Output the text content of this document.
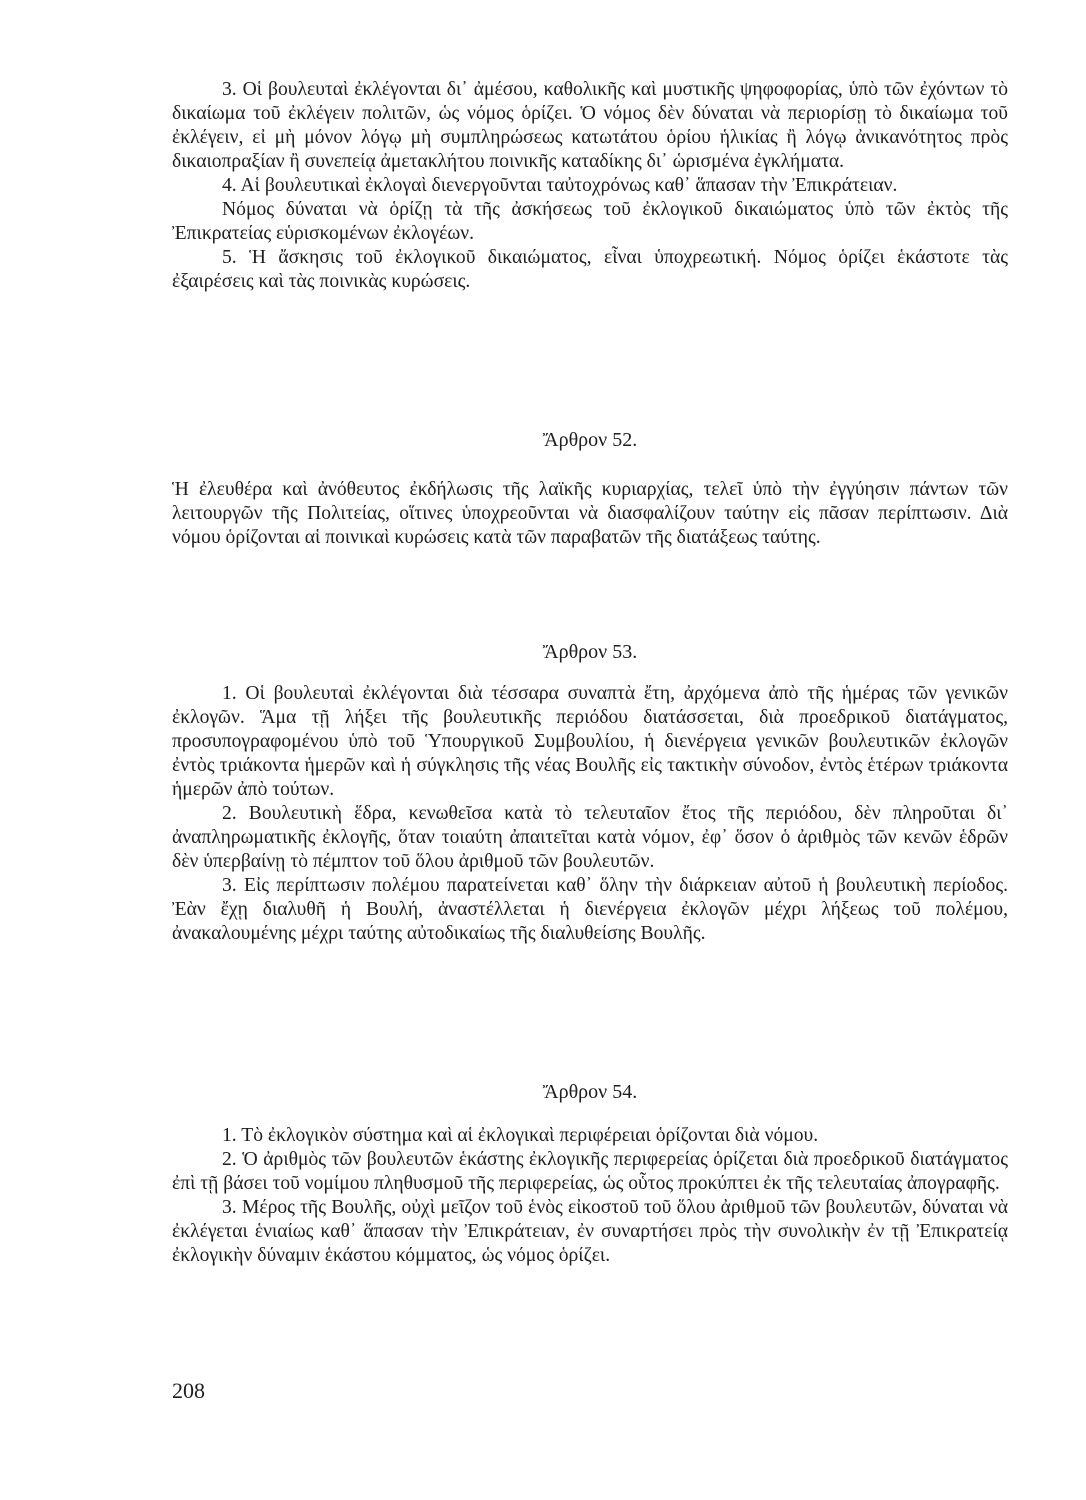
3. Οἱ βουλευταὶ ἐκλέγονται δι᾽ ἀμέσου, καθολικῆς καὶ μυστικῆς ψηφοφορίας, ὑπὸ τῶν ἐχόντων τὸ δικαίωμα τοῦ ἐκλέγειν πολιτῶν, ὡς νόμος ὁρίζει. Ὁ νόμος δὲν δύναται νὰ περιορίσῃ τὸ δικαίωμα τοῦ ἐκλέγειν, εἰ μὴ μόνον λόγῳ μὴ συμπληρώσεως κατωτάτου ὁρίου ἡλικίας ἢ λόγῳ ἀνικανότητος πρὸς δικαιοπραξίαν ἢ συνεπείᾳ ἀμετακλήτου ποινικῆς καταδίκης δι᾽ ὡρισμένα ἐγκλήματα.

4. Αἱ βουλευτικαὶ ἐκλογαὶ διενεργοῦνται ταὐτοχρόνως καθ᾽ ἅπασαν τὴν Ἐπικράτειαν.

Νόμος δύναται νὰ ὁρίζῃ τὰ τῆς ἀσκήσεως τοῦ ἐκλογικοῦ δικαιώματος ὑπὸ τῶν ἐκτὸς τῆς Ἐπικρατείας εὑρισκομένων ἐκλογέων.

5. Ἡ ἄσκησις τοῦ ἐκλογικοῦ δικαιώματος, εἶναι ὑποχρεωτική. Νόμος ὁρίζει ἑκάστοτε τὰς ἐξαιρέσεις καὶ τὰς ποινικὰς κυρώσεις.

Ἄρθρον 52.

Ἡ ἐλευθέρα καὶ ἀνόθευτος ἐκδήλωσις τῆς λαϊκῆς κυριαρχίας, τελεῖ ὑπὸ τὴν ἐγγύησιν πάντων τῶν λειτουργῶν τῆς Πολιτείας, οἵτινες ὑποχρεοῦνται νὰ διασφαλίζουν ταύτην εἰς πᾶσαν περίπτωσιν. Διὰ νόμου ὁρίζονται αἱ ποινικαὶ κυρώσεις κατὰ τῶν παραβατῶν τῆς διατάξεως ταύτης.

Ἄρθρον 53.

1. Οἱ βουλευταὶ ἐκλέγονται διὰ τέσσαρα συναπτὰ ἔτη, ἀρχόμενα ἀπὸ τῆς ἡμέρας τῶν γενικῶν ἐκλογῶν. Ἅμα τῇ λήξει τῆς βουλευτικῆς περιόδου διατάσσεται, διὰ προεδρικοῦ διατάγματος, προσυπογραφομένου ὑπὸ τοῦ Ὑπουργικοῦ Συμβουλίου, ἡ διενέργεια γενικῶν βουλευτικῶν ἐκλογῶν ἐντὸς τριάκοντα ἡμερῶν καὶ ἡ σύγκλησις τῆς νέας Βουλῆς εἰς τακτικὴν σύνοδον, ἐντὸς ἑτέρων τριάκοντα ἡμερῶν ἀπὸ τούτων.

2. Βουλευτικὴ ἕδρα, κενωθεῖσα κατὰ τὸ τελευταῖον ἔτος τῆς περιόδου, δὲν πληροῦται δι᾽ ἀναπληρωματικῆς ἐκλογῆς, ὅταν τοιαύτη ἀπαιτεῖται κατὰ νόμον, ἐφ᾽ ὅσον ὁ ἀριθμὸς τῶν κενῶν ἑδρῶν δὲν ὑπερβαίνῃ τὸ πέμπτον τοῦ ὅλου ἀριθμοῦ τῶν βουλευτῶν.

3. Εἰς περίπτωσιν πολέμου παρατείνεται καθ᾽ ὅλην τὴν διάρκειαν αὐτοῦ ἡ βουλευτικὴ περίοδος. Ἐὰν ἔχῃ διαλυθῆ ἡ Βουλή, ἀναστέλλεται ἡ διενέργεια ἐκλογῶν μέχρι λήξεως τοῦ πολέμου, ἀνακαλουμένης μέχρι ταύτης αὐτοδικαίως τῆς διαλυθείσης Βουλῆς.

Ἄρθρον 54.

1. Τὸ ἐκλογικὸν σύστημα καὶ αἱ ἐκλογικαὶ περιφέρειαι ὁρίζονται διὰ νόμου.

2. Ὁ ἀριθμὸς τῶν βουλευτῶν ἑκάστης ἐκλογικῆς περιφερείας ὁρίζεται διὰ προεδρικοῦ διατάγματος ἐπὶ τῇ βάσει τοῦ νομίμου πληθυσμοῦ τῆς περιφερείας, ὡς οὗτος προκύπτει ἐκ τῆς τελευταίας ἀπογραφῆς.

3. Μέρος τῆς Βουλῆς, οὐχὶ μεῖζον τοῦ ἑνὸς εἰκοστοῦ τοῦ ὅλου ἀριθμοῦ τῶν βουλευτῶν, δύναται νὰ ἐκλέγεται ἑνιαίως καθ᾽ ἅπασαν τὴν Ἐπικράτειαν, ἐν συναρτήσει πρὸς τὴν συνολικὴν ἐν τῇ Ἐπικρατείᾳ ἐκλογικὴν δύναμιν ἑκάστου κόμματος, ὡς νόμος ὁρίζει.

208
